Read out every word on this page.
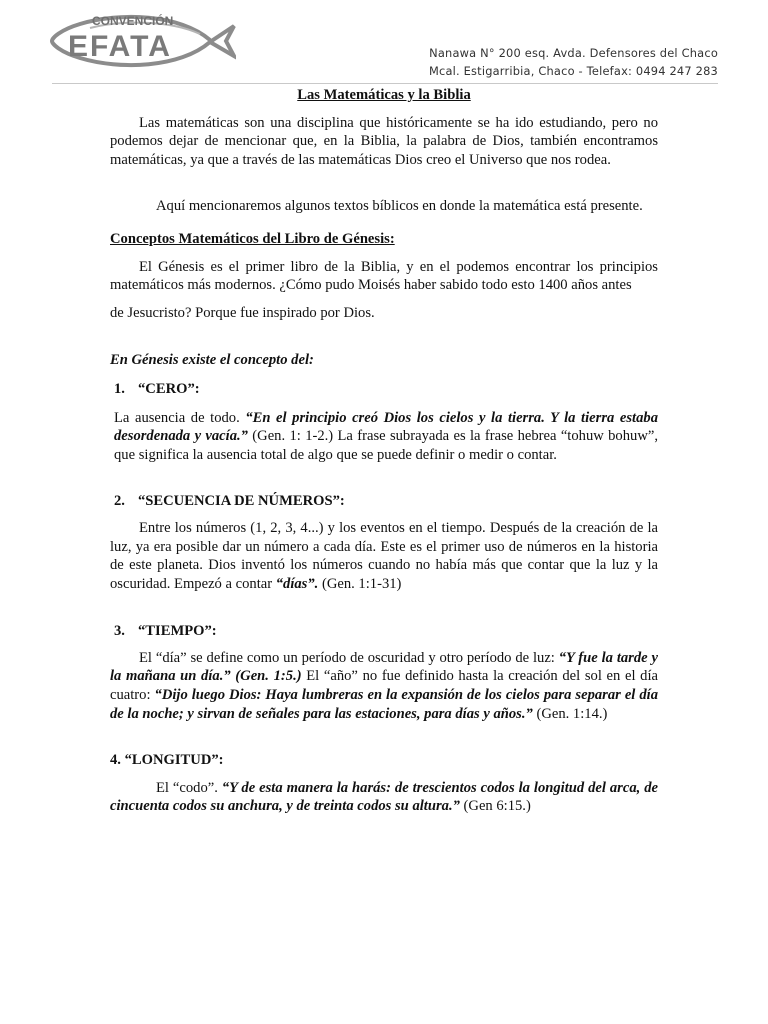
CONVENCIÓN
EFATA	Nanawa N° 200 esq. Avda. Defensores del Chaco
Mcal. Estigarribia, Chaco - Telefax: 0494 247 283

Las Matemáticas y la Biblia

Las matemáticas son una disciplina que históricamente se ha ido estudiando, pero no podemos dejar de mencionar que, en la Biblia, la palabra de Dios, también encontramos matemáticas, ya que a través de las matemáticas Dios creo el Universo que nos rodea.

Aquí mencionaremos algunos textos bíblicos en donde la matemática está presente.

Conceptos Matemáticos del Libro de Génesis:

El Génesis es el primer libro de la Biblia, y en el podemos encontrar los principios matemáticos más modernos. ¿Cómo pudo Moisés haber sabido todo esto 1400 años antes

de Jesucristo? Porque fue inspirado por Dios.

En Génesis existe el concepto del:

1. “CERO”:

La ausencia de todo. “En el principio creó Dios los cielos y la tierra. Y la tierra estaba desordenada y vacía.” (Gen. 1: 1-2.) La frase subrayada es la frase hebrea “tohuw bohuw”, que significa la ausencia total de algo que se puede definir o medir o contar.

2. “SECUENCIA DE NÚMEROS”:

Entre los números (1, 2, 3, 4...) y los eventos en el tiempo. Después de la creación de la luz, ya era posible dar un número a cada día. Este es el primer uso de números en la historia de este planeta. Dios inventó los números cuando no había más que contar que la luz y la oscuridad. Empezó a contar “días”. (Gen. 1:1-31)

3. “TIEMPO”:

El “día” se define como un período de oscuridad y otro período de luz: “Y fue la tarde y la mañana un día.” (Gen. 1:5.) El “año” no fue definido hasta la creación del sol en el día cuatro: “Dijo luego Dios: Haya lumbreras en la expansión de los cielos para separar el día de la noche; y sirvan de señales para las estaciones, para días y años.” (Gen. 1:14.)

4. “LONGITUD”:

El “codo”. “Y de esta manera la harás: de trescientos codos la longitud del arca, de cincuenta codos su anchura, y de treinta codos su altura.” (Gen 6:15.)
